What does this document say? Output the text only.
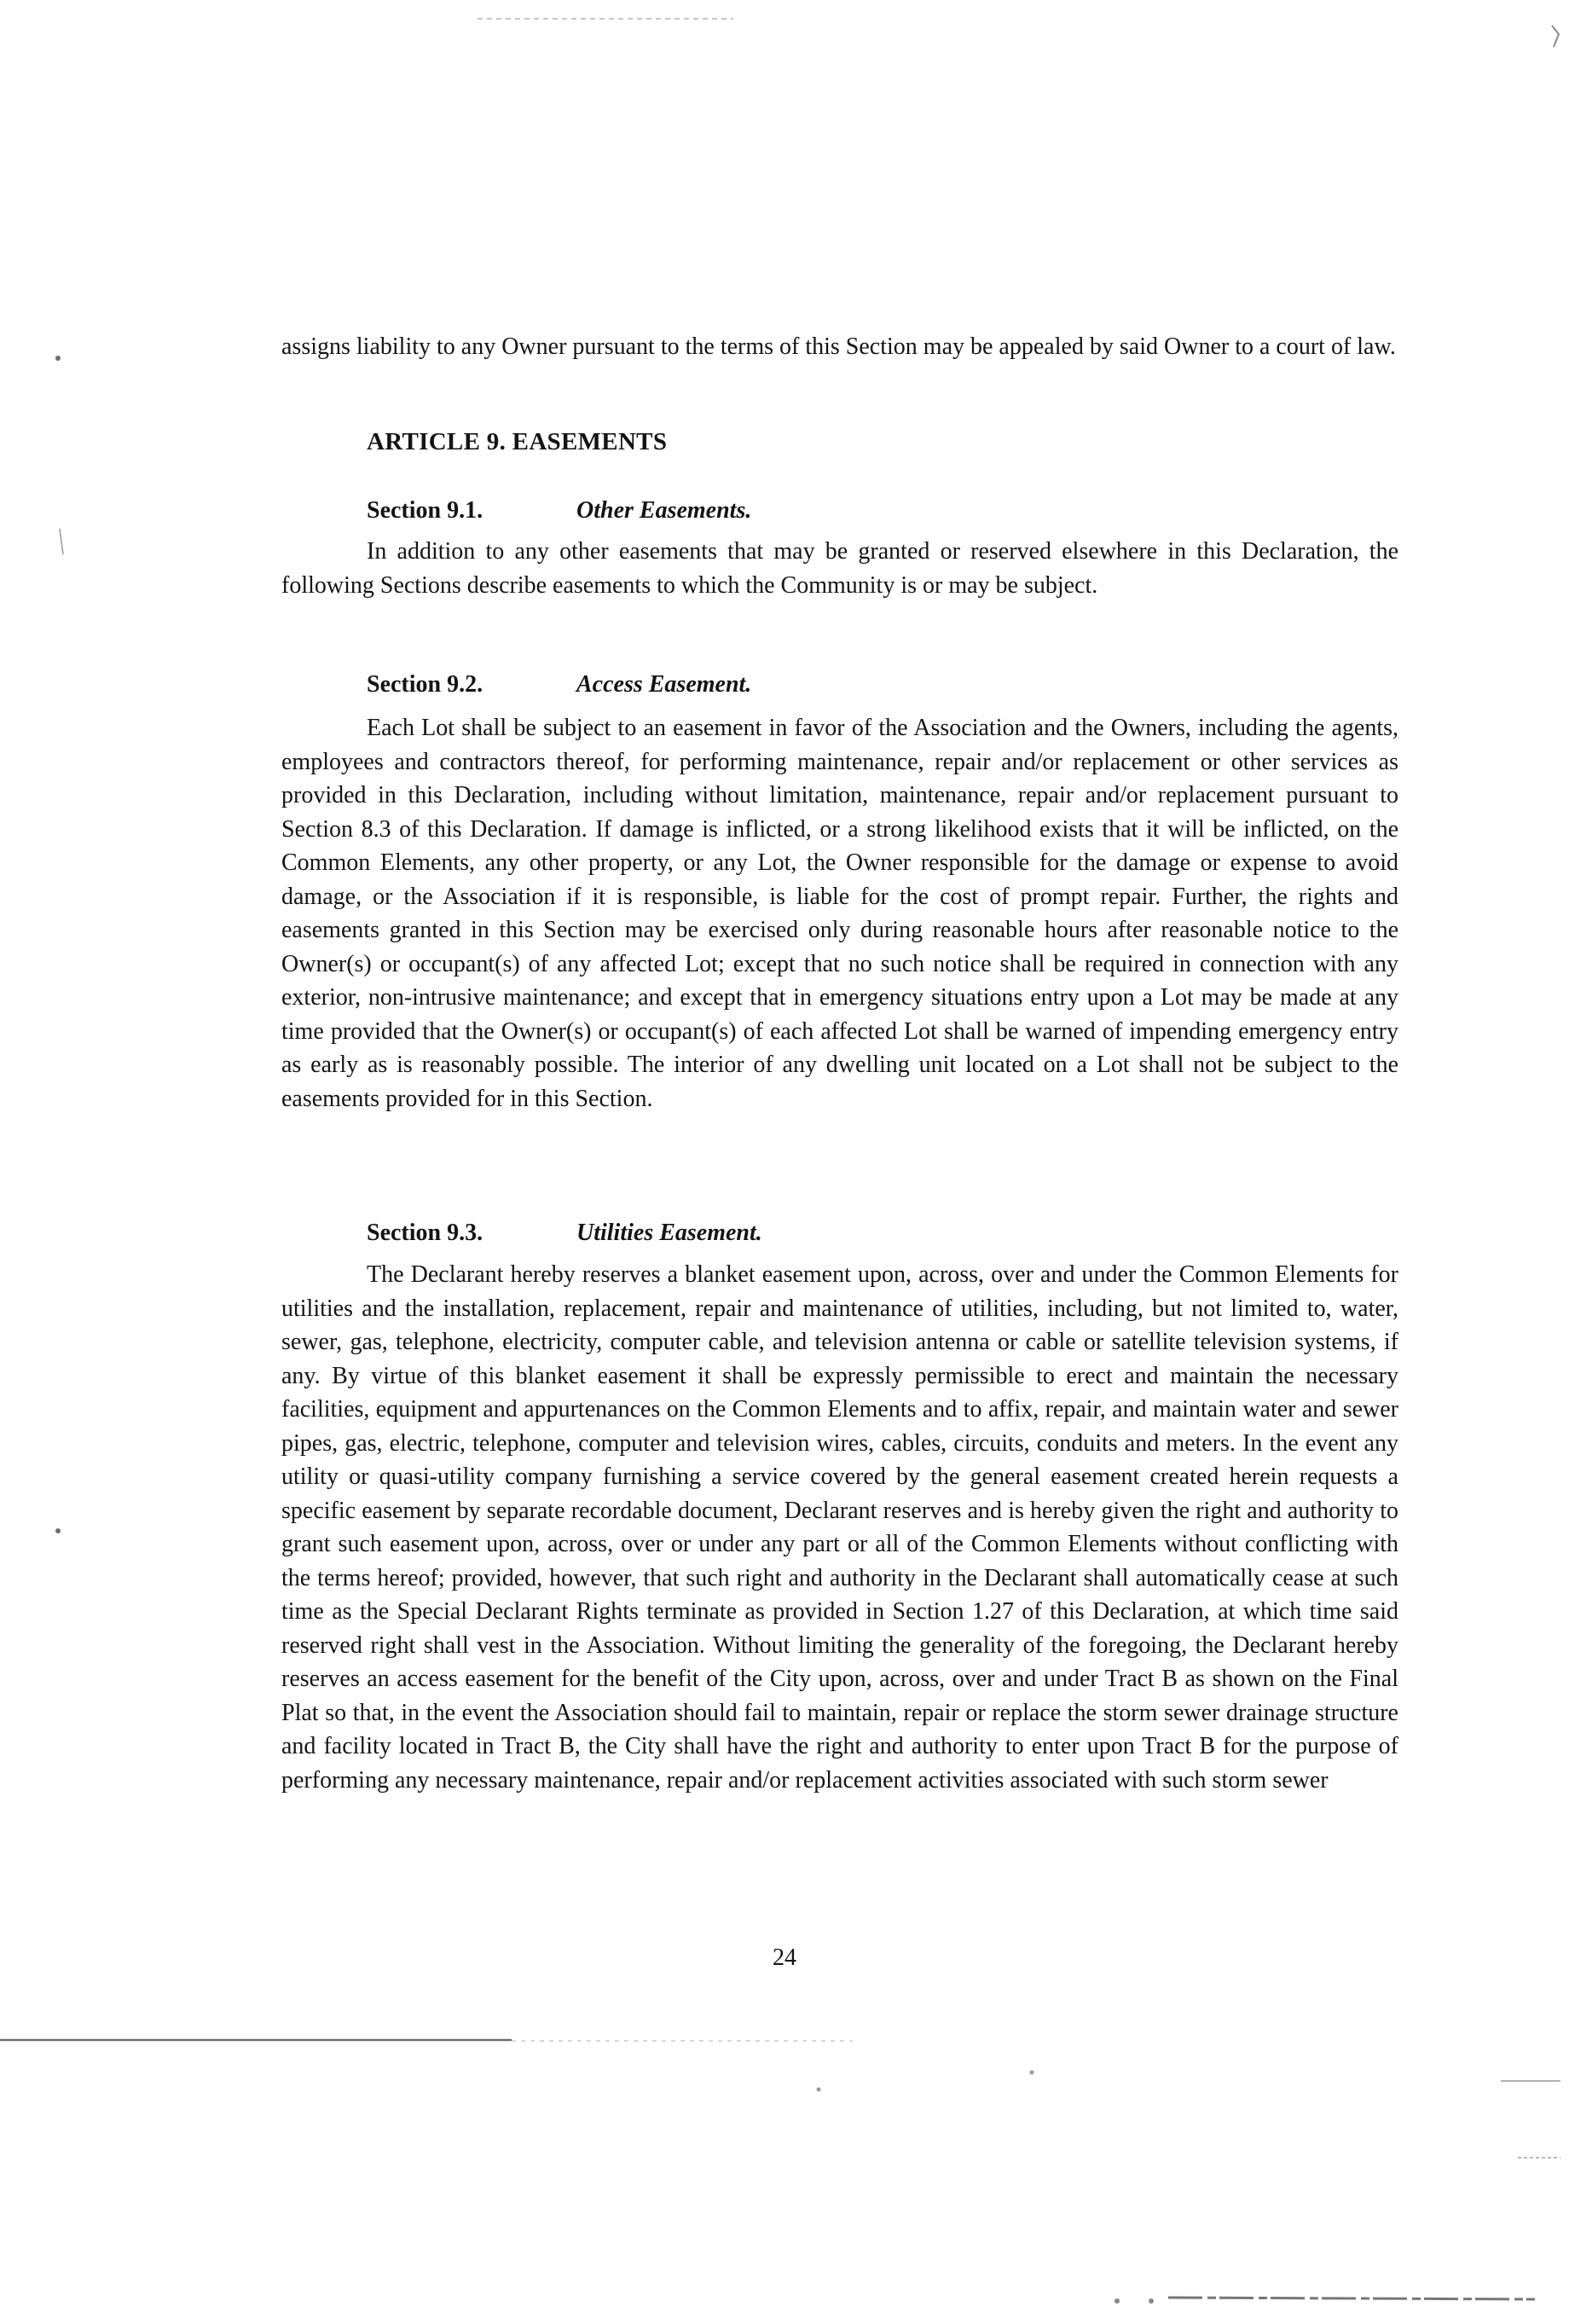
assigns liability to any Owner pursuant to the terms of this Section may be appealed by said Owner to a court of law.
ARTICLE 9. EASEMENTS
Section 9.1.	Other Easements.
In addition to any other easements that may be granted or reserved elsewhere in this Declaration, the following Sections describe easements to which the Community is or may be subject.
Section 9.2.	Access Easement.
Each Lot shall be subject to an easement in favor of the Association and the Owners, including the agents, employees and contractors thereof, for performing maintenance, repair and/or replacement or other services as provided in this Declaration, including without limitation, maintenance, repair and/or replacement pursuant to Section 8.3 of this Declaration. If damage is inflicted, or a strong likelihood exists that it will be inflicted, on the Common Elements, any other property, or any Lot, the Owner responsible for the damage or expense to avoid damage, or the Association if it is responsible, is liable for the cost of prompt repair. Further, the rights and easements granted in this Section may be exercised only during reasonable hours after reasonable notice to the Owner(s) or occupant(s) of any affected Lot; except that no such notice shall be required in connection with any exterior, non-intrusive maintenance; and except that in emergency situations entry upon a Lot may be made at any time provided that the Owner(s) or occupant(s) of each affected Lot shall be warned of impending emergency entry as early as is reasonably possible. The interior of any dwelling unit located on a Lot shall not be subject to the easements provided for in this Section.
Section 9.3.	Utilities Easement.
The Declarant hereby reserves a blanket easement upon, across, over and under the Common Elements for utilities and the installation, replacement, repair and maintenance of utilities, including, but not limited to, water, sewer, gas, telephone, electricity, computer cable, and television antenna or cable or satellite television systems, if any. By virtue of this blanket easement it shall be expressly permissible to erect and maintain the necessary facilities, equipment and appurtenances on the Common Elements and to affix, repair, and maintain water and sewer pipes, gas, electric, telephone, computer and television wires, cables, circuits, conduits and meters. In the event any utility or quasi-utility company furnishing a service covered by the general easement created herein requests a specific easement by separate recordable document, Declarant reserves and is hereby given the right and authority to grant such easement upon, across, over or under any part or all of the Common Elements without conflicting with the terms hereof; provided, however, that such right and authority in the Declarant shall automatically cease at such time as the Special Declarant Rights terminate as provided in Section 1.27 of this Declaration, at which time said reserved right shall vest in the Association. Without limiting the generality of the foregoing, the Declarant hereby reserves an access easement for the benefit of the City upon, across, over and under Tract B as shown on the Final Plat so that, in the event the Association should fail to maintain, repair or replace the storm sewer drainage structure and facility located in Tract B, the City shall have the right and authority to enter upon Tract B for the purpose of performing any necessary maintenance, repair and/or replacement activities associated with such storm sewer
24
